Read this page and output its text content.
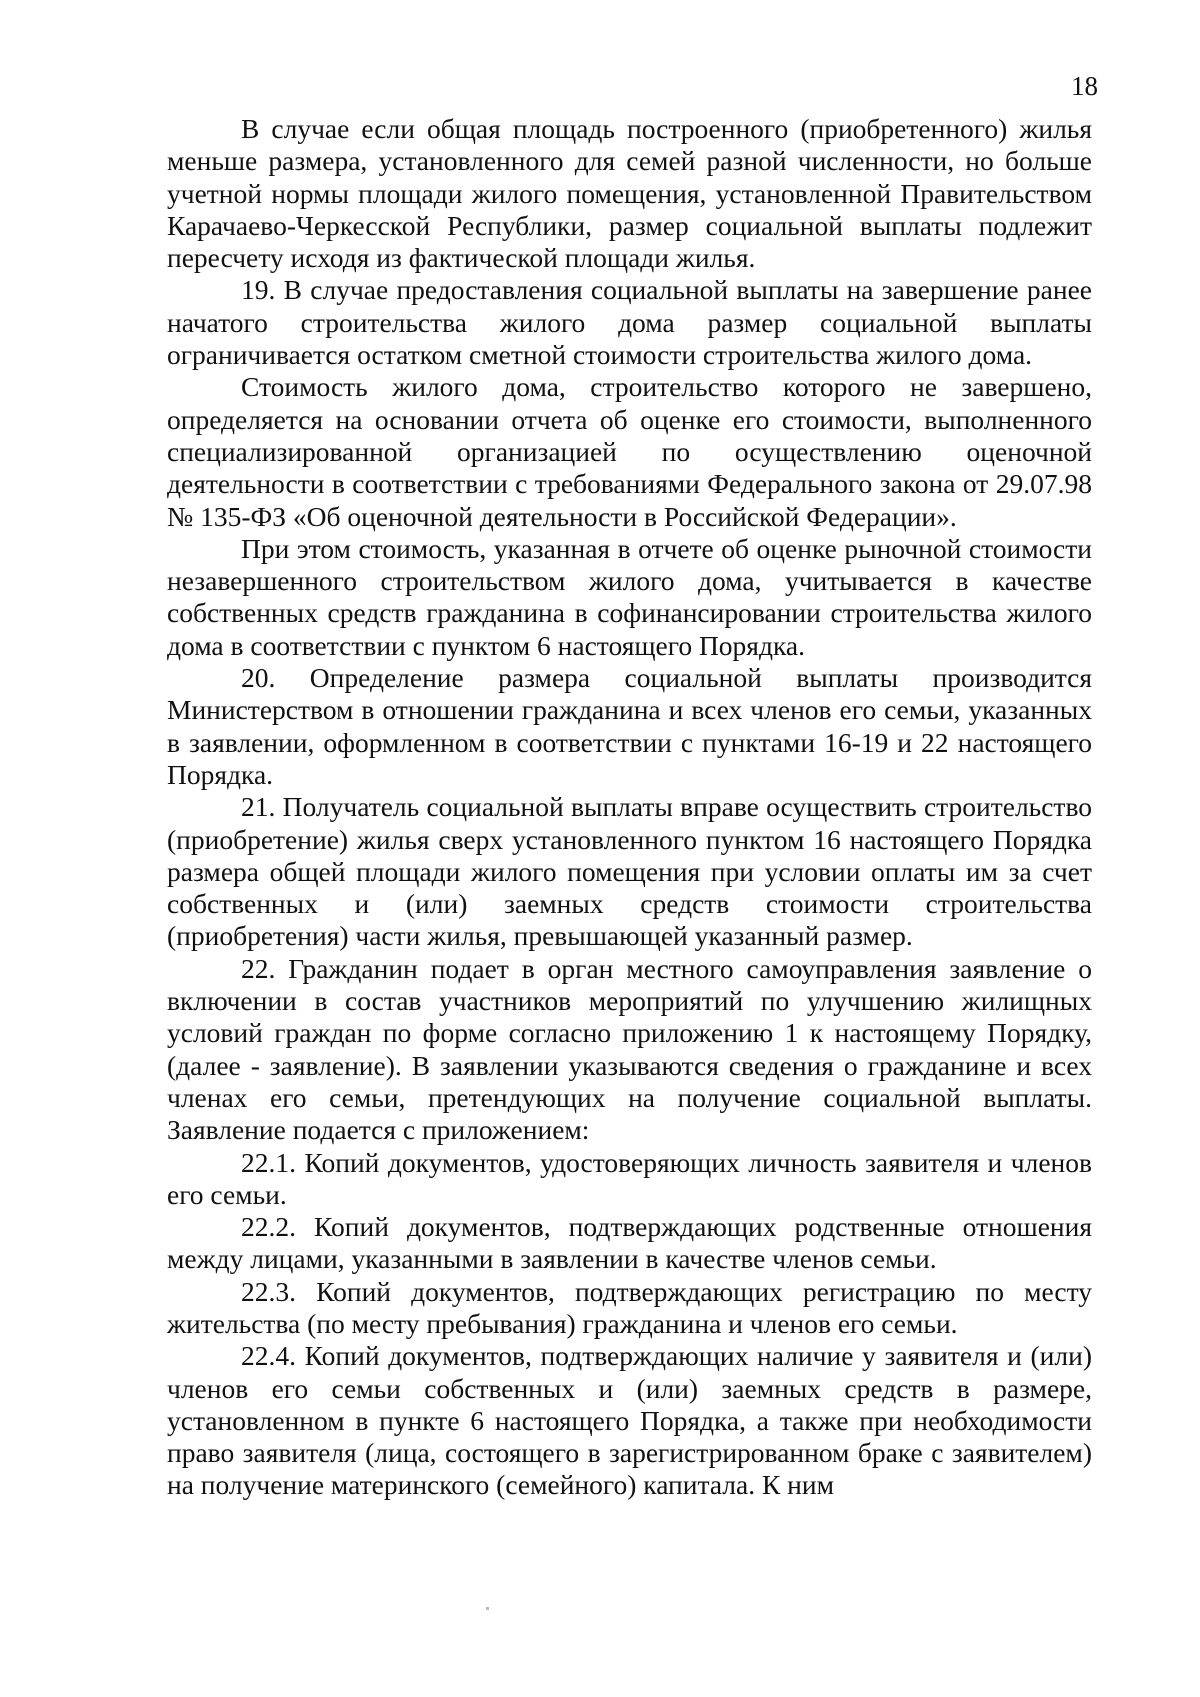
18

В случае если общая площадь построенного (приобретенного) жилья меньше размера, установленного для семей разной численности, но больше учетной нормы площади жилого помещения, установленной Правительством Карачаево-Черкесской Республики, размер социальной выплаты подлежит пересчету исходя из фактической площади жилья.

19. В случае предоставления социальной выплаты на завершение ранее начатого строительства жилого дома размер социальной выплаты ограничивается остатком сметной стоимости строительства жилого дома.

Стоимость жилого дома, строительство которого не завершено, определяется на основании отчета об оценке его стоимости, выполненного специализированной организацией по осуществлению оценочной деятельности в соответствии с требованиями Федерального закона от 29.07.98 № 135-ФЗ «Об оценочной деятельности в Российской Федерации».

При этом стоимость, указанная в отчете об оценке рыночной стоимости незавершенного строительством жилого дома, учитывается в качестве собственных средств гражданина в софинансировании строительства жилого дома в соответствии с пунктом 6 настоящего Порядка.

20. Определение размера социальной выплаты производится Министерством в отношении гражданина и всех членов его семьи, указанных в заявлении, оформленном в соответствии с пунктами 16-19 и 22 настоящего Порядка.

21. Получатель социальной выплаты вправе осуществить строительство (приобретение) жилья сверх установленного пунктом 16 настоящего Порядка размера общей площади жилого помещения при условии оплаты им за счет собственных и (или) заемных средств стоимости строительства (приобретения) части жилья, превышающей указанный размер.

22. Гражданин подает в орган местного самоуправления заявление о включении в состав участников мероприятий по улучшению жилищных условий граждан по форме согласно приложению 1 к настоящему Порядку, (далее - заявление). В заявлении указываются сведения о гражданине и всех членах его семьи, претендующих на получение социальной выплаты. Заявление подается с приложением:

22.1. Копий документов, удостоверяющих личность заявителя и членов его семьи.

22.2. Копий документов, подтверждающих родственные отношения между лицами, указанными в заявлении в качестве членов семьи.

22.3. Копий документов, подтверждающих регистрацию по месту жительства (по месту пребывания) гражданина и членов его семьи.

22.4. Копий документов, подтверждающих наличие у заявителя и (или) членов его семьи собственных и (или) заемных средств в размере, установленном в пункте 6 настоящего Порядка, а также при необходимости право заявителя (лица, состоящего в зарегистрированном браке с заявителем) на получение материнского (семейного) капитала. К ним
